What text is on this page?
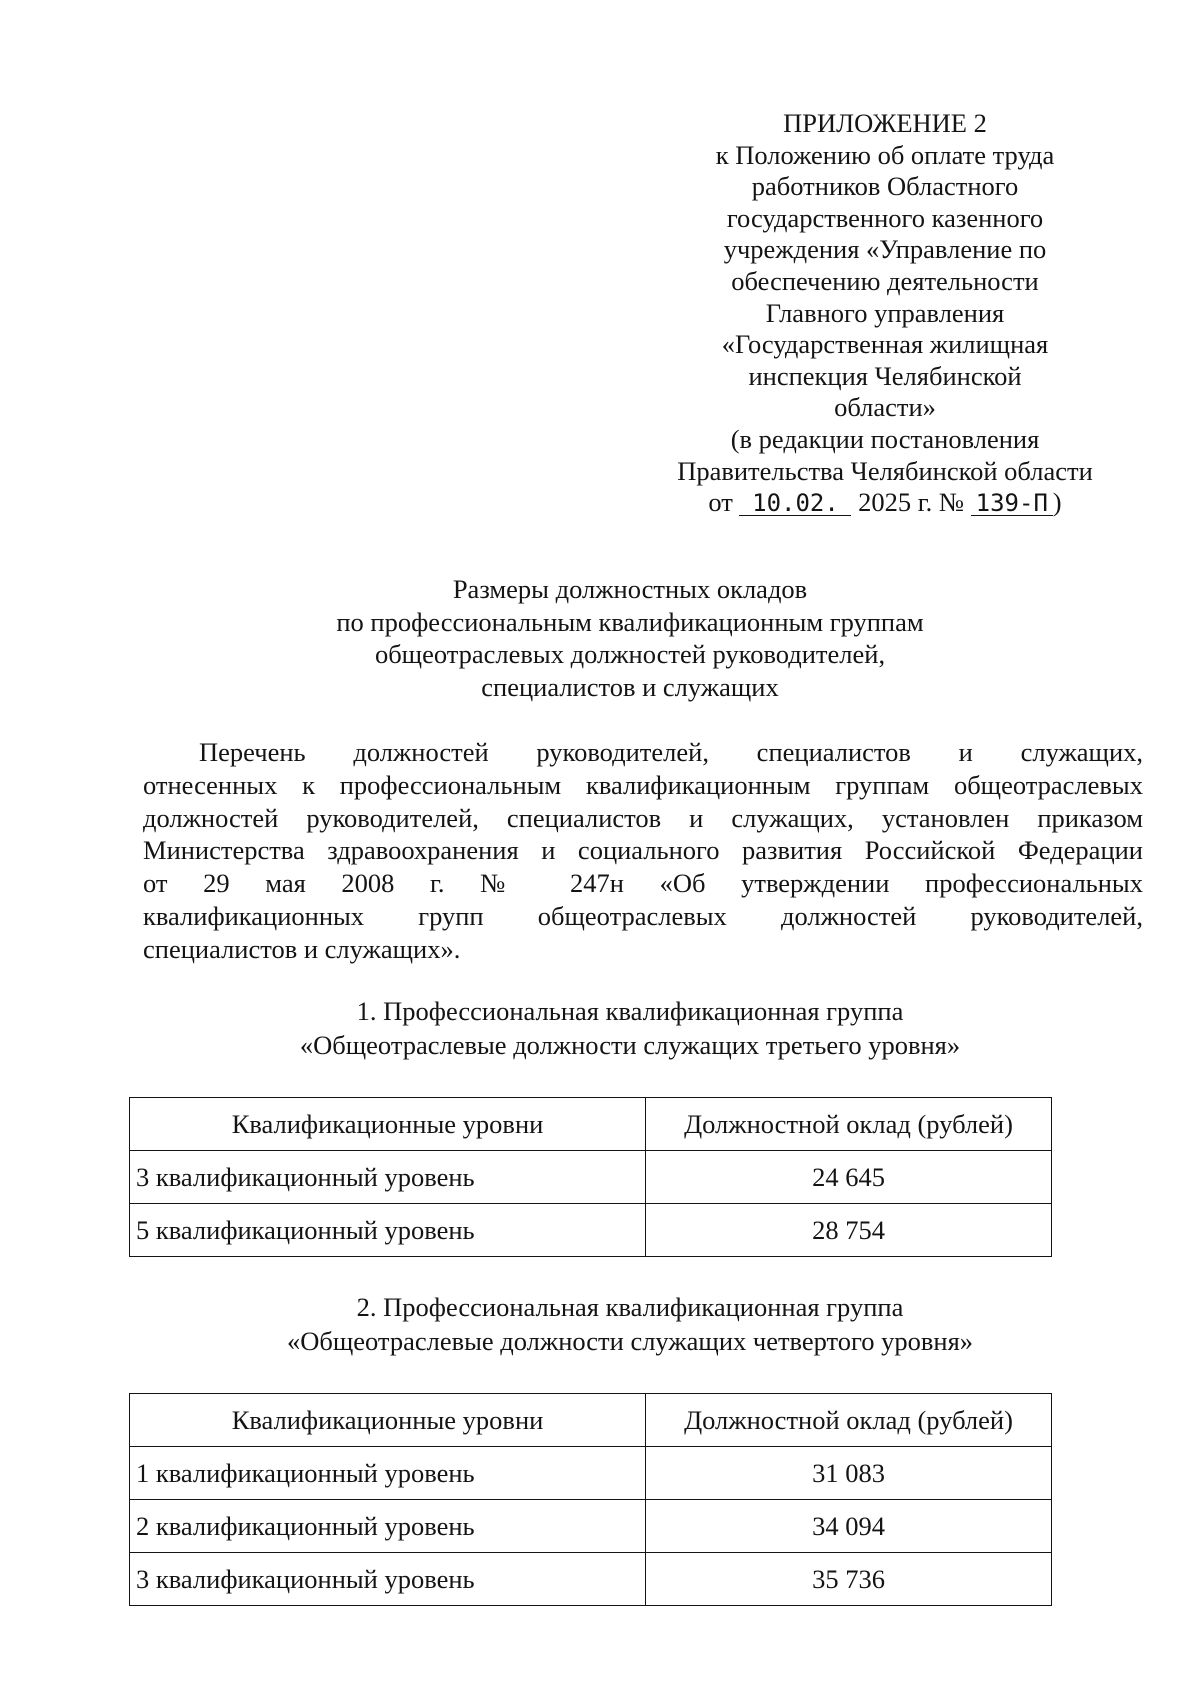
ПРИЛОЖЕНИЕ 2
к Положению об оплате труда
работников Областного
государственного казенного
учреждения «Управление по
обеспечению деятельности
Главного управления
«Государственная жилищная
инспекция Челябинской
области»
(в редакции постановления
Правительства Челябинской области
от 10.02. 2025 г. № 139-П )
Размеры должностных окладов
по профессиональным квалификационным группам
общеотраслевых должностей руководителей,
специалистов и служащих
Перечень должностей руководителей, специалистов и служащих,
отнесенных к профессиональным квалификационным группам общеотраслевых
должностей руководителей, специалистов и служащих, установлен приказом
Министерства здравоохранения и социального развития Российской Федерации
от 29 мая 2008 г. № 247н «Об утверждении профессиональных
квалификационных групп общеотраслевых должностей руководителей,
специалистов и служащих».
1. Профессиональная квалификационная группа
«Общеотраслевые должности служащих третьего уровня»
Квалификационные уровни	Должностной оклад (рублей)
3 квалификационный уровень	24 645
5 квалификационный уровень	28 754
2. Профессиональная квалификационная группа
«Общеотраслевые должности служащих четвертого уровня»
Квалификационные уровни	Должностной оклад (рублей)
1 квалификационный уровень	31 083
2 квалификационный уровень	34 094
3 квалификационный уровень	35 736
